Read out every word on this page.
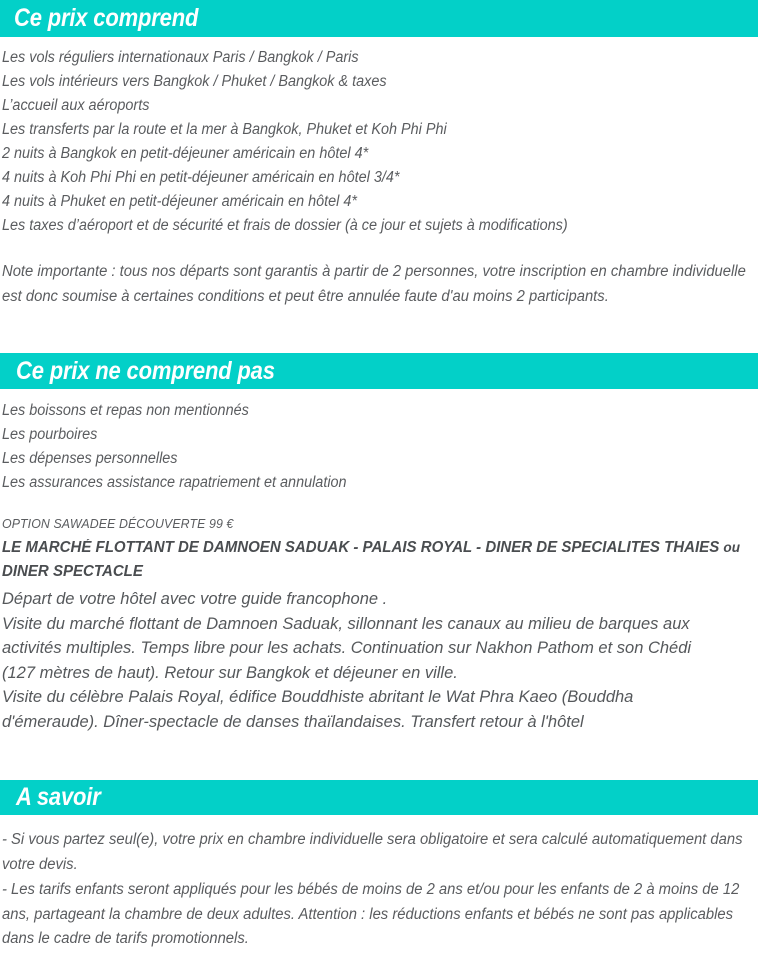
Ce prix comprend
Les vols réguliers internationaux Paris / Bangkok / Paris
Les vols intérieurs vers Bangkok / Phuket / Bangkok & taxes
L’accueil aux aéroports
Les transferts par la route et la mer à Bangkok, Phuket et Koh Phi Phi
2 nuits à Bangkok en petit-déjeuner américain en hôtel 4*
4 nuits à Koh Phi Phi en petit-déjeuner américain en hôtel 3/4*
4 nuits à Phuket en petit-déjeuner américain en hôtel 4*
Les taxes d’aéroport et de sécurité et frais de dossier (à ce jour et sujets à modifications)
Note importante : tous nos départs sont garantis à partir de 2 personnes, votre inscription en chambre individuelle est donc soumise à certaines conditions et peut être annulée faute d'au moins 2 participants.
Ce prix ne comprend pas
Les boissons et repas non mentionnés
Les pourboires
Les dépenses personnelles
Les assurances assistance rapatriement et annulation
OPTION SAWADEE DÉCOUVERTE 99 €
LE MARCHÉ FLOTTANT DE DAMNOEN SADUAK - PALAIS ROYAL - DINER DE SPECIALITES THAIES ou DINER SPECTACLE
Départ de votre hôtel avec votre guide francophone .
Visite du marché flottant de Damnoen Saduak, sillonnant les canaux au milieu de barques aux
activités multiples. Temps libre pour les achats. Continuation sur Nakhon Pathom et son Chédi
(127 mètres de haut). Retour sur Bangkok et déjeuner en ville.
Visite du célèbre Palais Royal, édifice Bouddhiste abritant le Wat Phra Kaeo (Bouddha
d'émeraude). Dîner-spectacle de danses thaïlandaises. Transfert retour à l'hôtel
A savoir
- Si vous partez seul(e), votre prix en chambre individuelle sera obligatoire et sera calculé automatiquement dans votre devis.
- Les tarifs enfants seront appliqués pour les bébés de moins de 2 ans et/ou pour les enfants de 2 à moins de 12 ans, partageant la chambre de deux adultes. Attention : les réductions enfants et bébés ne sont pas applicables dans le cadre de tarifs promotionnels.
